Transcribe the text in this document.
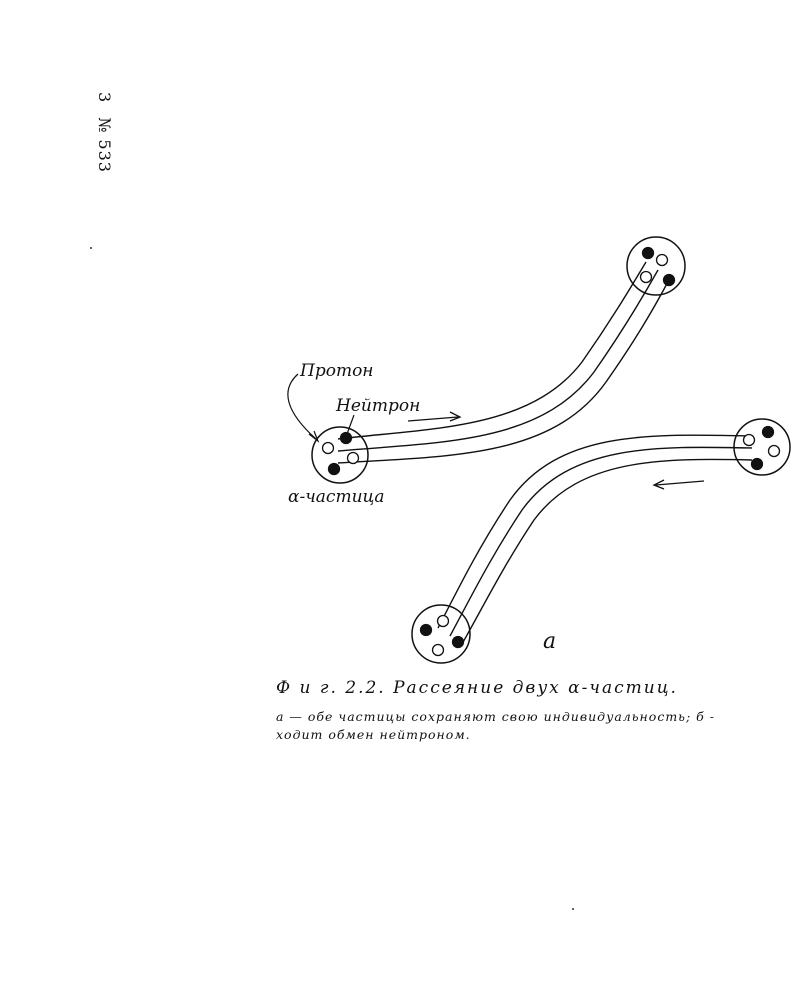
3№ 533
Протон
Нейтрон
α-частица
а
Ф и г. 2.2. Рассеяние двух α-частиц.
а — обе частицы сохраняют свою индивидуальность; б -
ходит обмен нейтроном.
